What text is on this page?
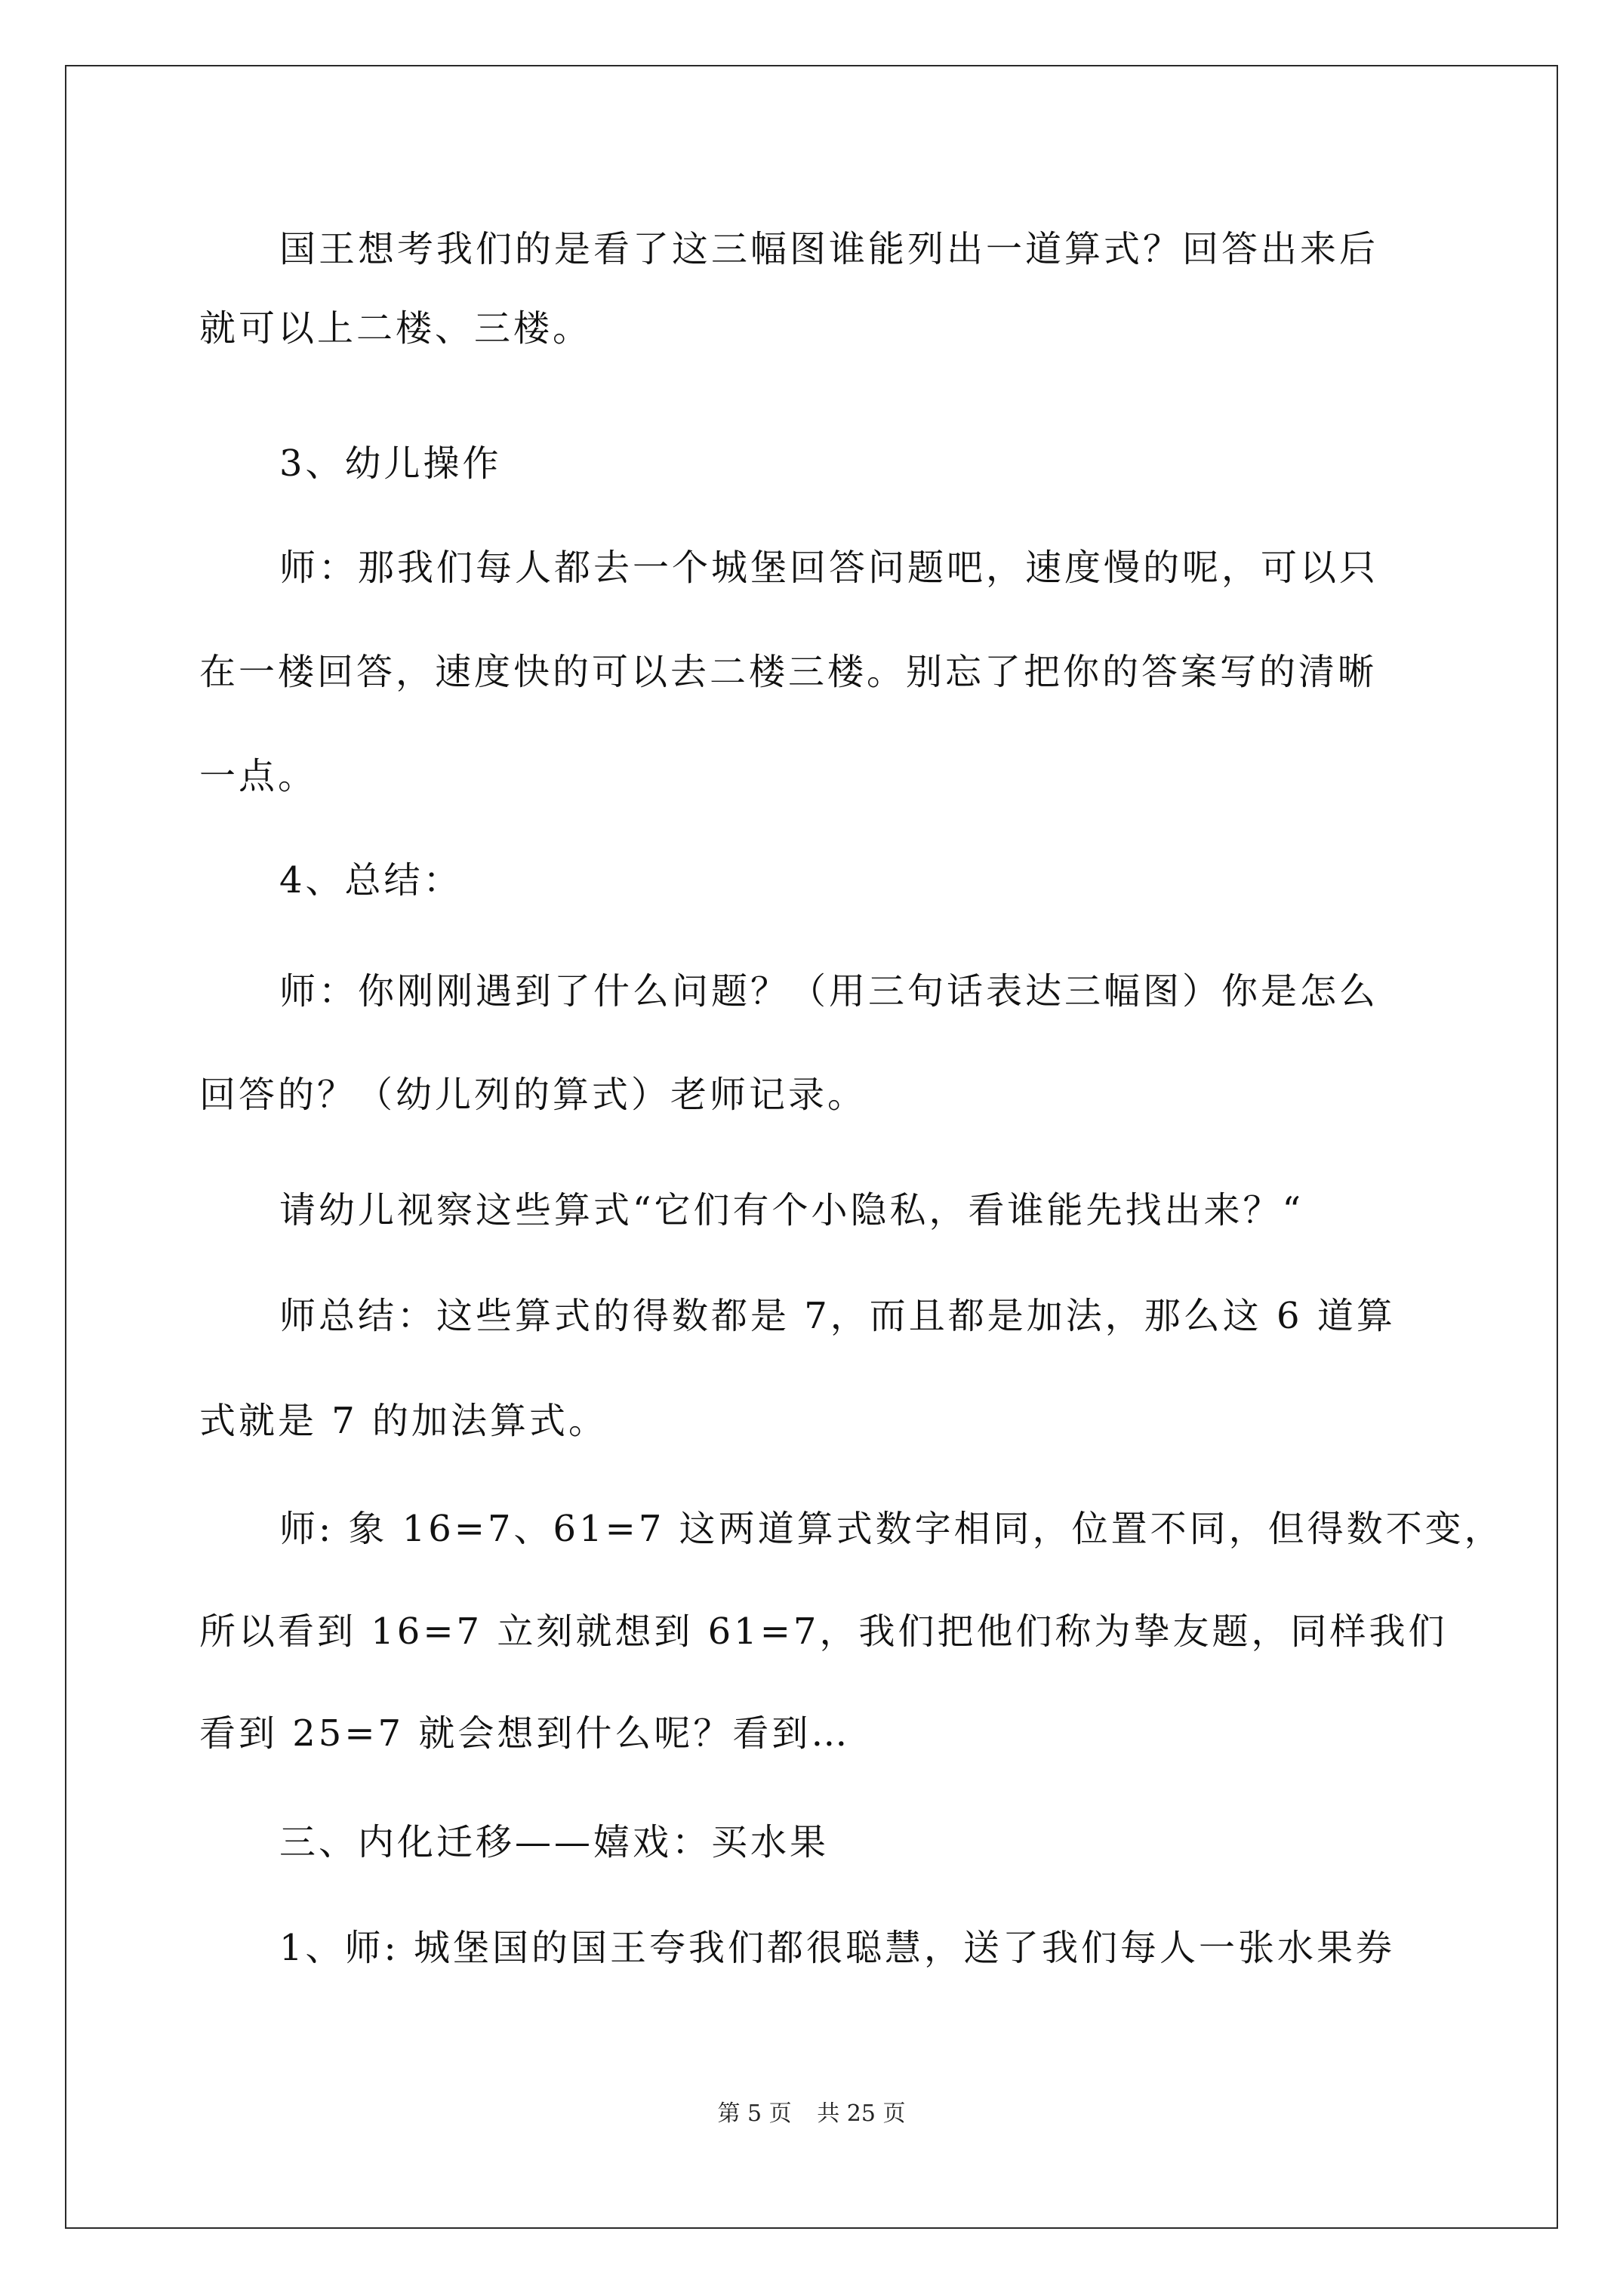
国王想考我们的是看了这三幅图谁能列出一道算式？回答出来后
就可以上二楼、三楼。
3、幼儿操作
师：那我们每人都去一个城堡回答问题吧，速度慢的呢，可以只
在一楼回答，速度快的可以去二楼三楼。别忘了把你的答案写的清晰
一点。
4、总结：
师：你刚刚遇到了什么问题？（用三句话表达三幅图）你是怎么
回答的？（幼儿列的算式）老师记录。
请幼儿视察这些算式“它们有个小隐私，看谁能先找出来？“
师总结：这些算式的得数都是 7，而且都是加法，那么这 6 道算
式就是 7 的加法算式。
师: 象 16=7、61=7 这两道算式数字相同，位置不同，但得数不变，
所以看到 16=7 立刻就想到 61=7，我们把他们称为挚友题，同样我们
看到 25=7 就会想到什么呢？看到…
三、内化迁移——嬉戏：买水果
1、师: 城堡国的国王夸我们都很聪慧，送了我们每人一张水果券
第 5 页 共 25 页
